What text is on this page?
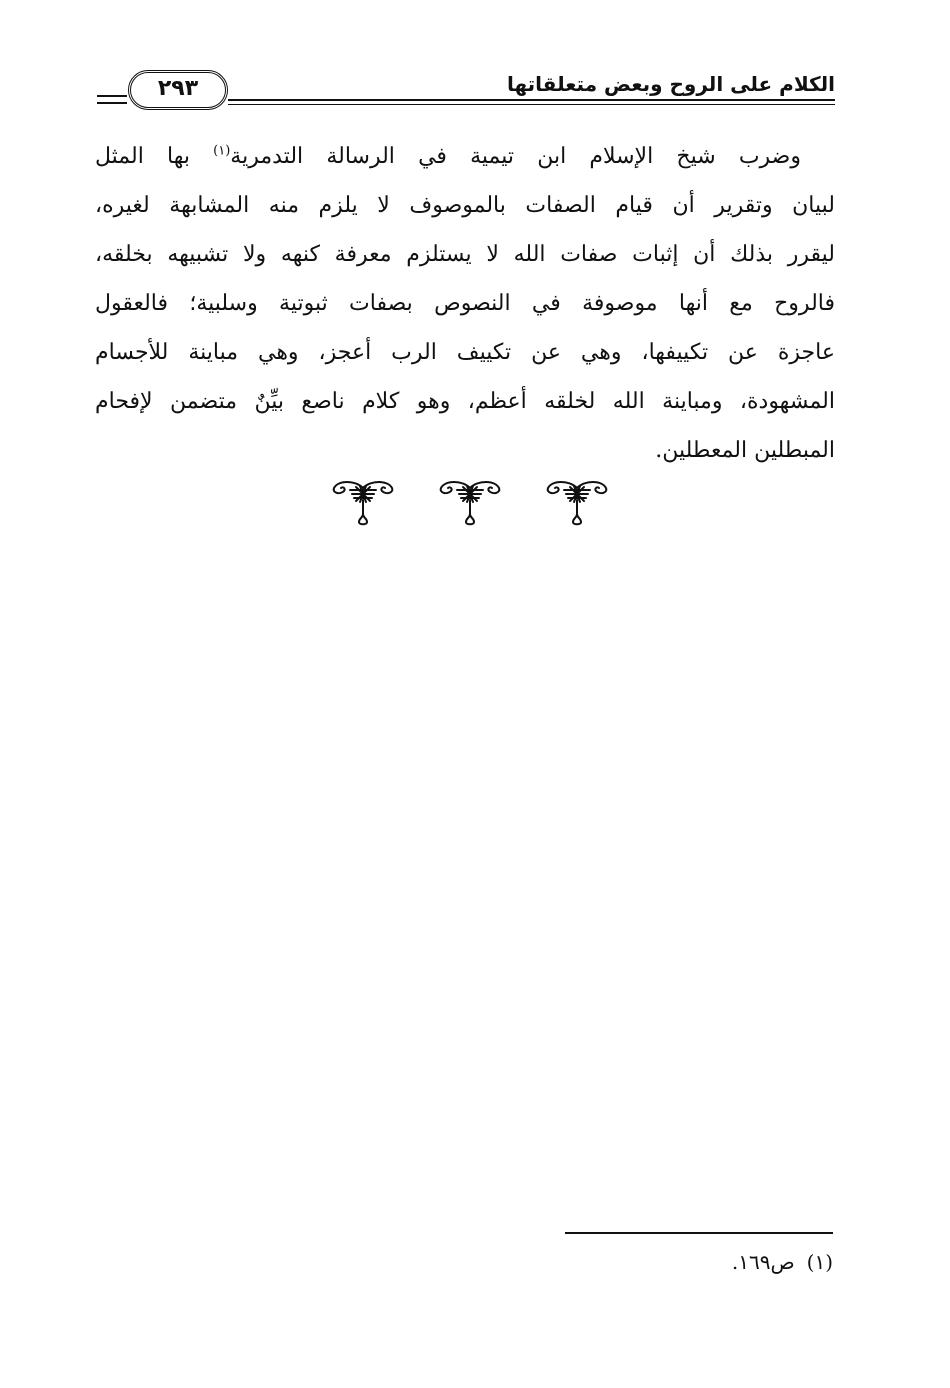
الكلام على الروح وبعض متعلقاتها
٢٩٣
وضرب شيخ الإسلام ابن تيمية في الرسالة التدمرية$^{(١)}$ بها المثل
لبيان وتقرير أن قيام الصفات بالموصوف لا يلزم منه المشابهة لغيره،
ليقرر بذلك أن إثبات صفات الله لا يستلزم معرفة كنهه ولا تشبيهه بخلقه،
فالروح مع أنها موصوفة في النصوص بصفات ثبوتية وسلبية؛ فالعقول
عاجزة عن تكييفها، وهي عن تكييف الرب أعجز، وهي مباينة للأجسام
المشهودة، ومباينة الله لخلقه أعظم، وهو كلام ناصع بيِّنٌ متضمن لإفحام
المبطلين المعطلين.
(١)ص١٦٩.
